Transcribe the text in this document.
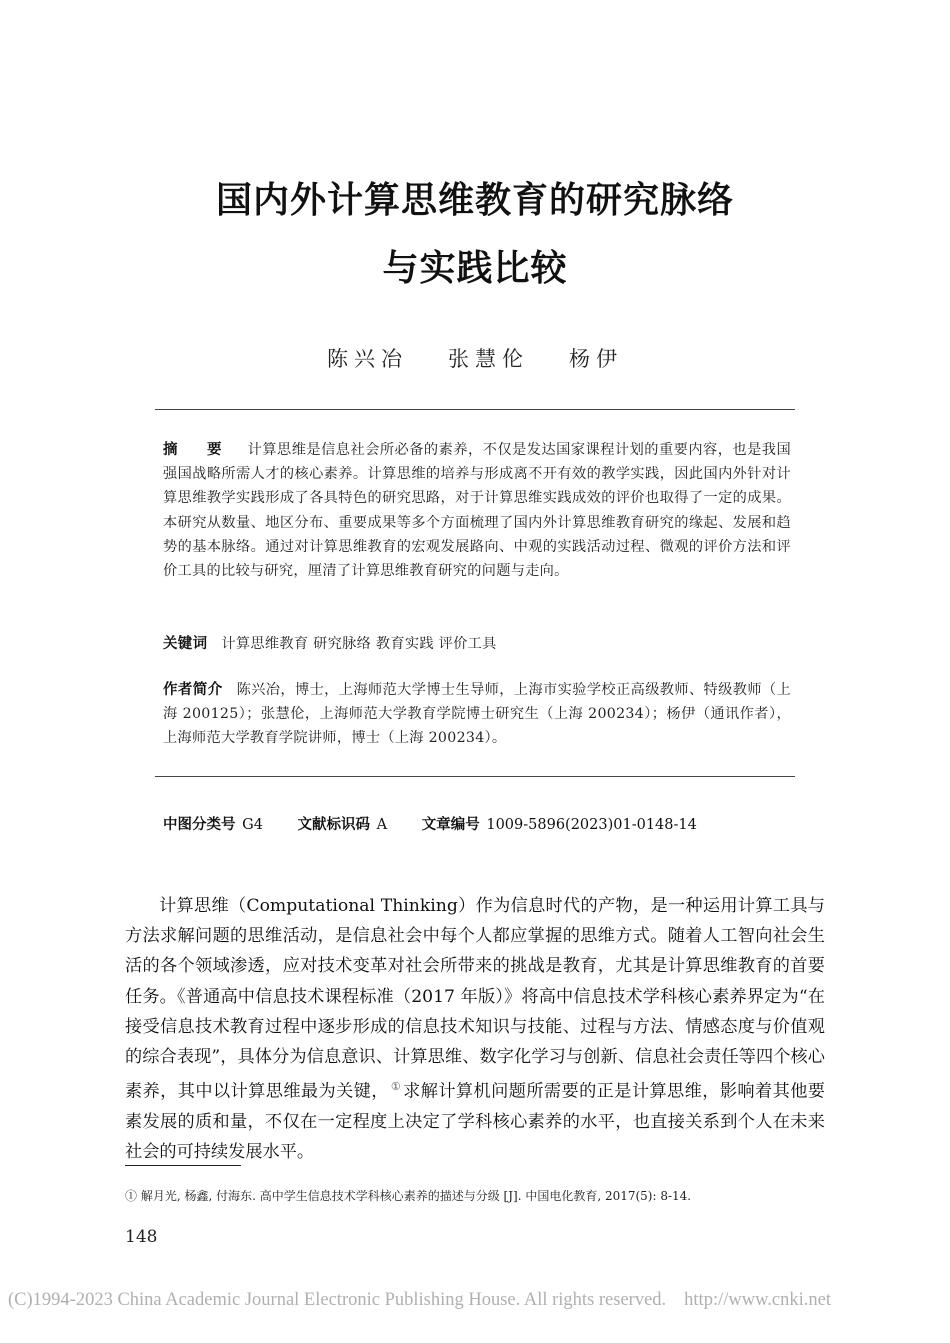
国内外计算思维教育的研究脉络
与实践比较
陈兴冶 张慧伦 杨伊
摘 要 计算思维是信息社会所必备的素养，不仅是发达国家课程计划的重要内容，也是我国强国战略所需人才的核心素养。计算思维的培养与形成离不开有效的教学实践，因此国内外针对计算思维教学实践形成了各具特色的研究思路，对于计算思维实践成效的评价也取得了一定的成果。本研究从数量、地区分布、重要成果等多个方面梳理了国内外计算思维教育研究的缘起、发展和趋势的基本脉络。通过对计算思维教育的宏观发展路向、中观的实践活动过程、微观的评价方法和评价工具的比较与研究，厘清了计算思维教育研究的问题与走向。
关键词 计算思维教育 研究脉络 教育实践 评价工具
作者简介 陈兴冶，博士，上海师范大学博士生导师，上海市实验学校正高级教师、特级教师（上海 200125）；张慧伦，上海师范大学教育学院博士研究生（上海 200234）；杨伊（通讯作者），上海师范大学教育学院讲师，博士（上海 200234）。
中图分类号 G4 文献标识码 A 文章编号 1009-5896(2023)01-0148-14
计算思维（Computational Thinking）作为信息时代的产物，是一种运用计算工具与方法求解问题的思维活动，是信息社会中每个人都应掌握的思维方式。随着人工智向社会生活的各个领域渗透，应对技术变革对社会所带来的挑战是教育，尤其是计算思维教育的首要任务。《普通高中信息技术课程标准（2017 年版）》将高中信息技术学科核心素养界定为“在接受信息技术教育过程中逐步形成的信息技术知识与技能、过程与方法、情感态度与价值观的综合表现”，具体分为信息意识、计算思维、数字化学习与创新、信息社会责任等四个核心素养，其中以计算思维最为关键， ① 求解计算机问题所需要的正是计算思维，影响着其他要素发展的质和量，不仅在一定程度上决定了学科核心素养的水平，也直接关系到个人在未来社会的可持续发展水平。
① 解月光, 杨鑫, 付海东. 高中学生信息技术学科核心素养的描述与分级 [J]. 中国电化教育, 2017(5): 8-14.
148
(C)1994-2023 China Academic Journal Electronic Publishing House. All rights reserved. http://www.cnki.net
